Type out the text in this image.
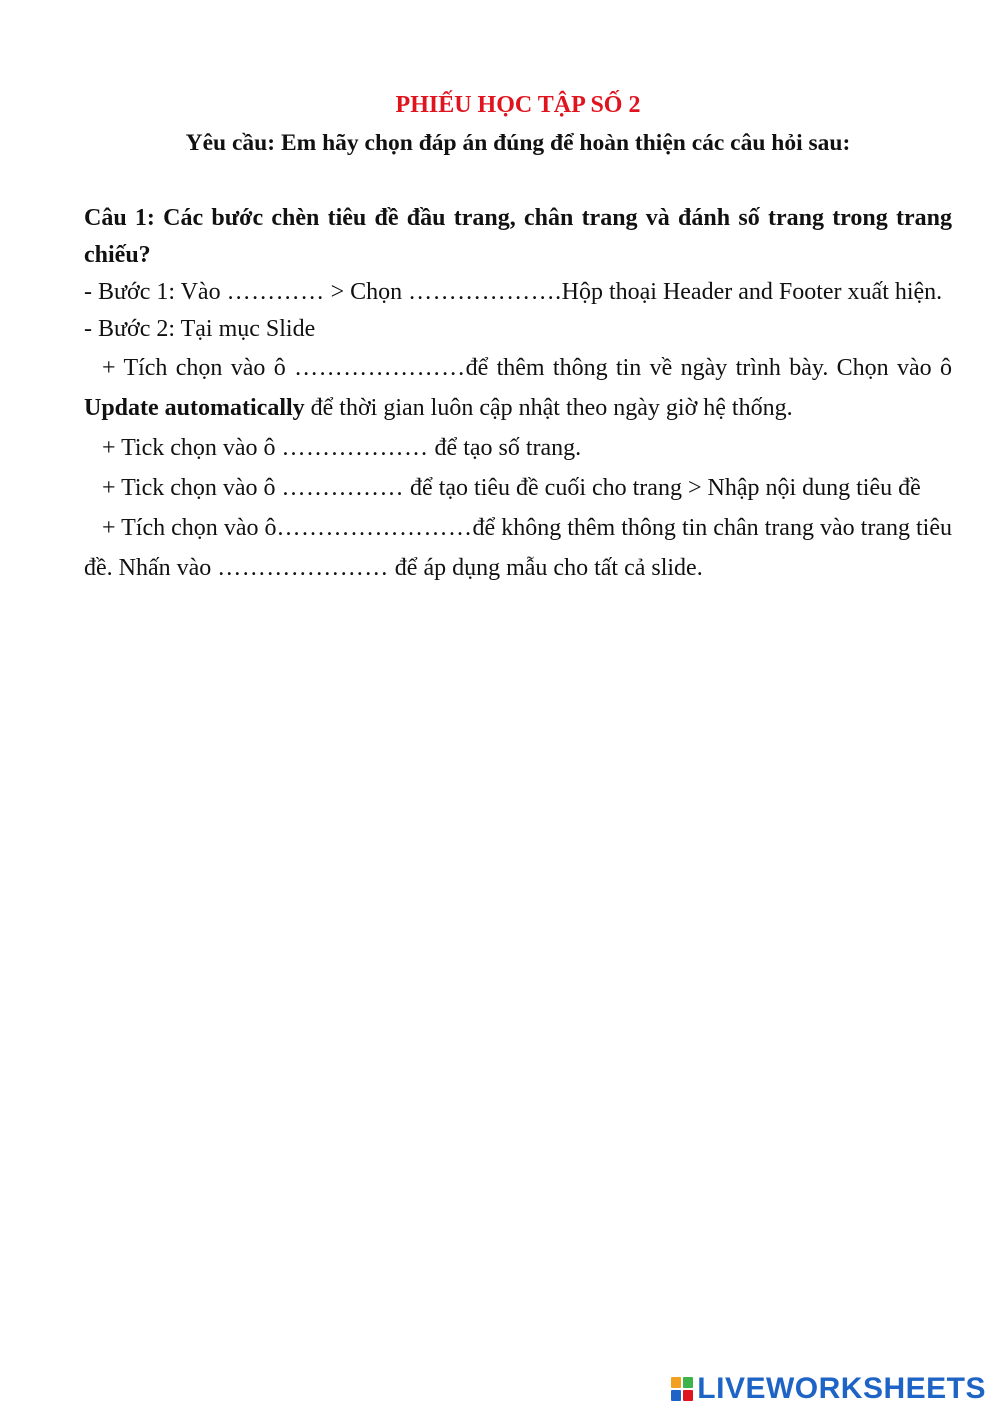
PHIẾU HỌC TẬP SỐ 2

Yêu cầu: Em hãy chọn đáp án đúng để hoàn thiện các câu hỏi sau:

Câu 1: Các bước chèn tiêu đề đầu trang, chân trang và đánh số trang trong trang chiếu?

- Bước 1: Vào ………… > Chọn ……………….Hộp thoại Header and Footer xuất hiện.

- Bước 2: Tại mục Slide

+ Tích chọn vào ô …………………để thêm thông tin về ngày trình bày. Chọn vào ô Update automatically để thời gian luôn cập nhật theo ngày giờ hệ thống.

+ Tick chọn vào ô ……………… để tạo số trang.

+ Tick chọn vào ô …………… để tạo tiêu đề cuối cho trang > Nhập nội dung tiêu đề

+ Tích chọn vào ô……………………để không thêm thông tin chân trang vào trang tiêu đề. Nhấn vào ………………… để áp dụng mẫu cho tất cả slide.

LIVEWORKSHEETS
